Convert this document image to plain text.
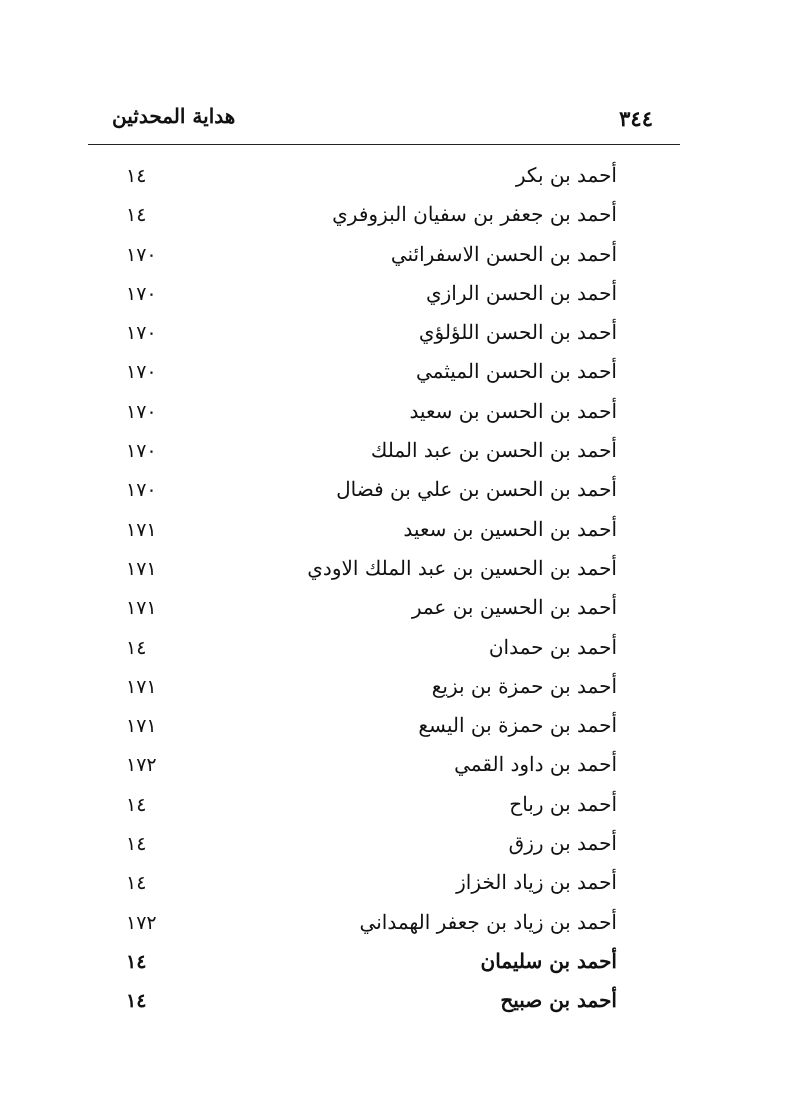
٣٤٤
هداية المحدثين
أحمد بن بكر
١٤
أحمد بن جعفر بن سفيان البزوفري
١٤
أحمد بن الحسن الاسفرائني
١٧٠
أحمد بن الحسن الرازي
١٧٠
أحمد بن الحسن اللؤلؤي
١٧٠
أحمد بن الحسن الميثمي
١٧٠
أحمد بن الحسن بن سعيد
١٧٠
أحمد بن الحسن بن عبد الملك
١٧٠
أحمد بن الحسن بن علي بن فضال
١٧٠
أحمد بن الحسين بن سعيد
١٧١
أحمد بن الحسين بن عبد الملك الاودي
١٧١
أحمد بن الحسين بن عمر
١٧١
أحمد بن حمدان
١٤
أحمد بن حمزة بن بزيع
١٧١
أحمد بن حمزة بن اليسع
١٧١
أحمد بن داود القمي
١٧٢
أحمد بن رباح
١٤
أحمد بن رزق
١٤
أحمد بن زياد الخزاز
١٤
أحمد بن زياد بن جعفر الهمداني
١٧٢
أحمد بن سليمان
١٤
أحمد بن صبيح
١٤
